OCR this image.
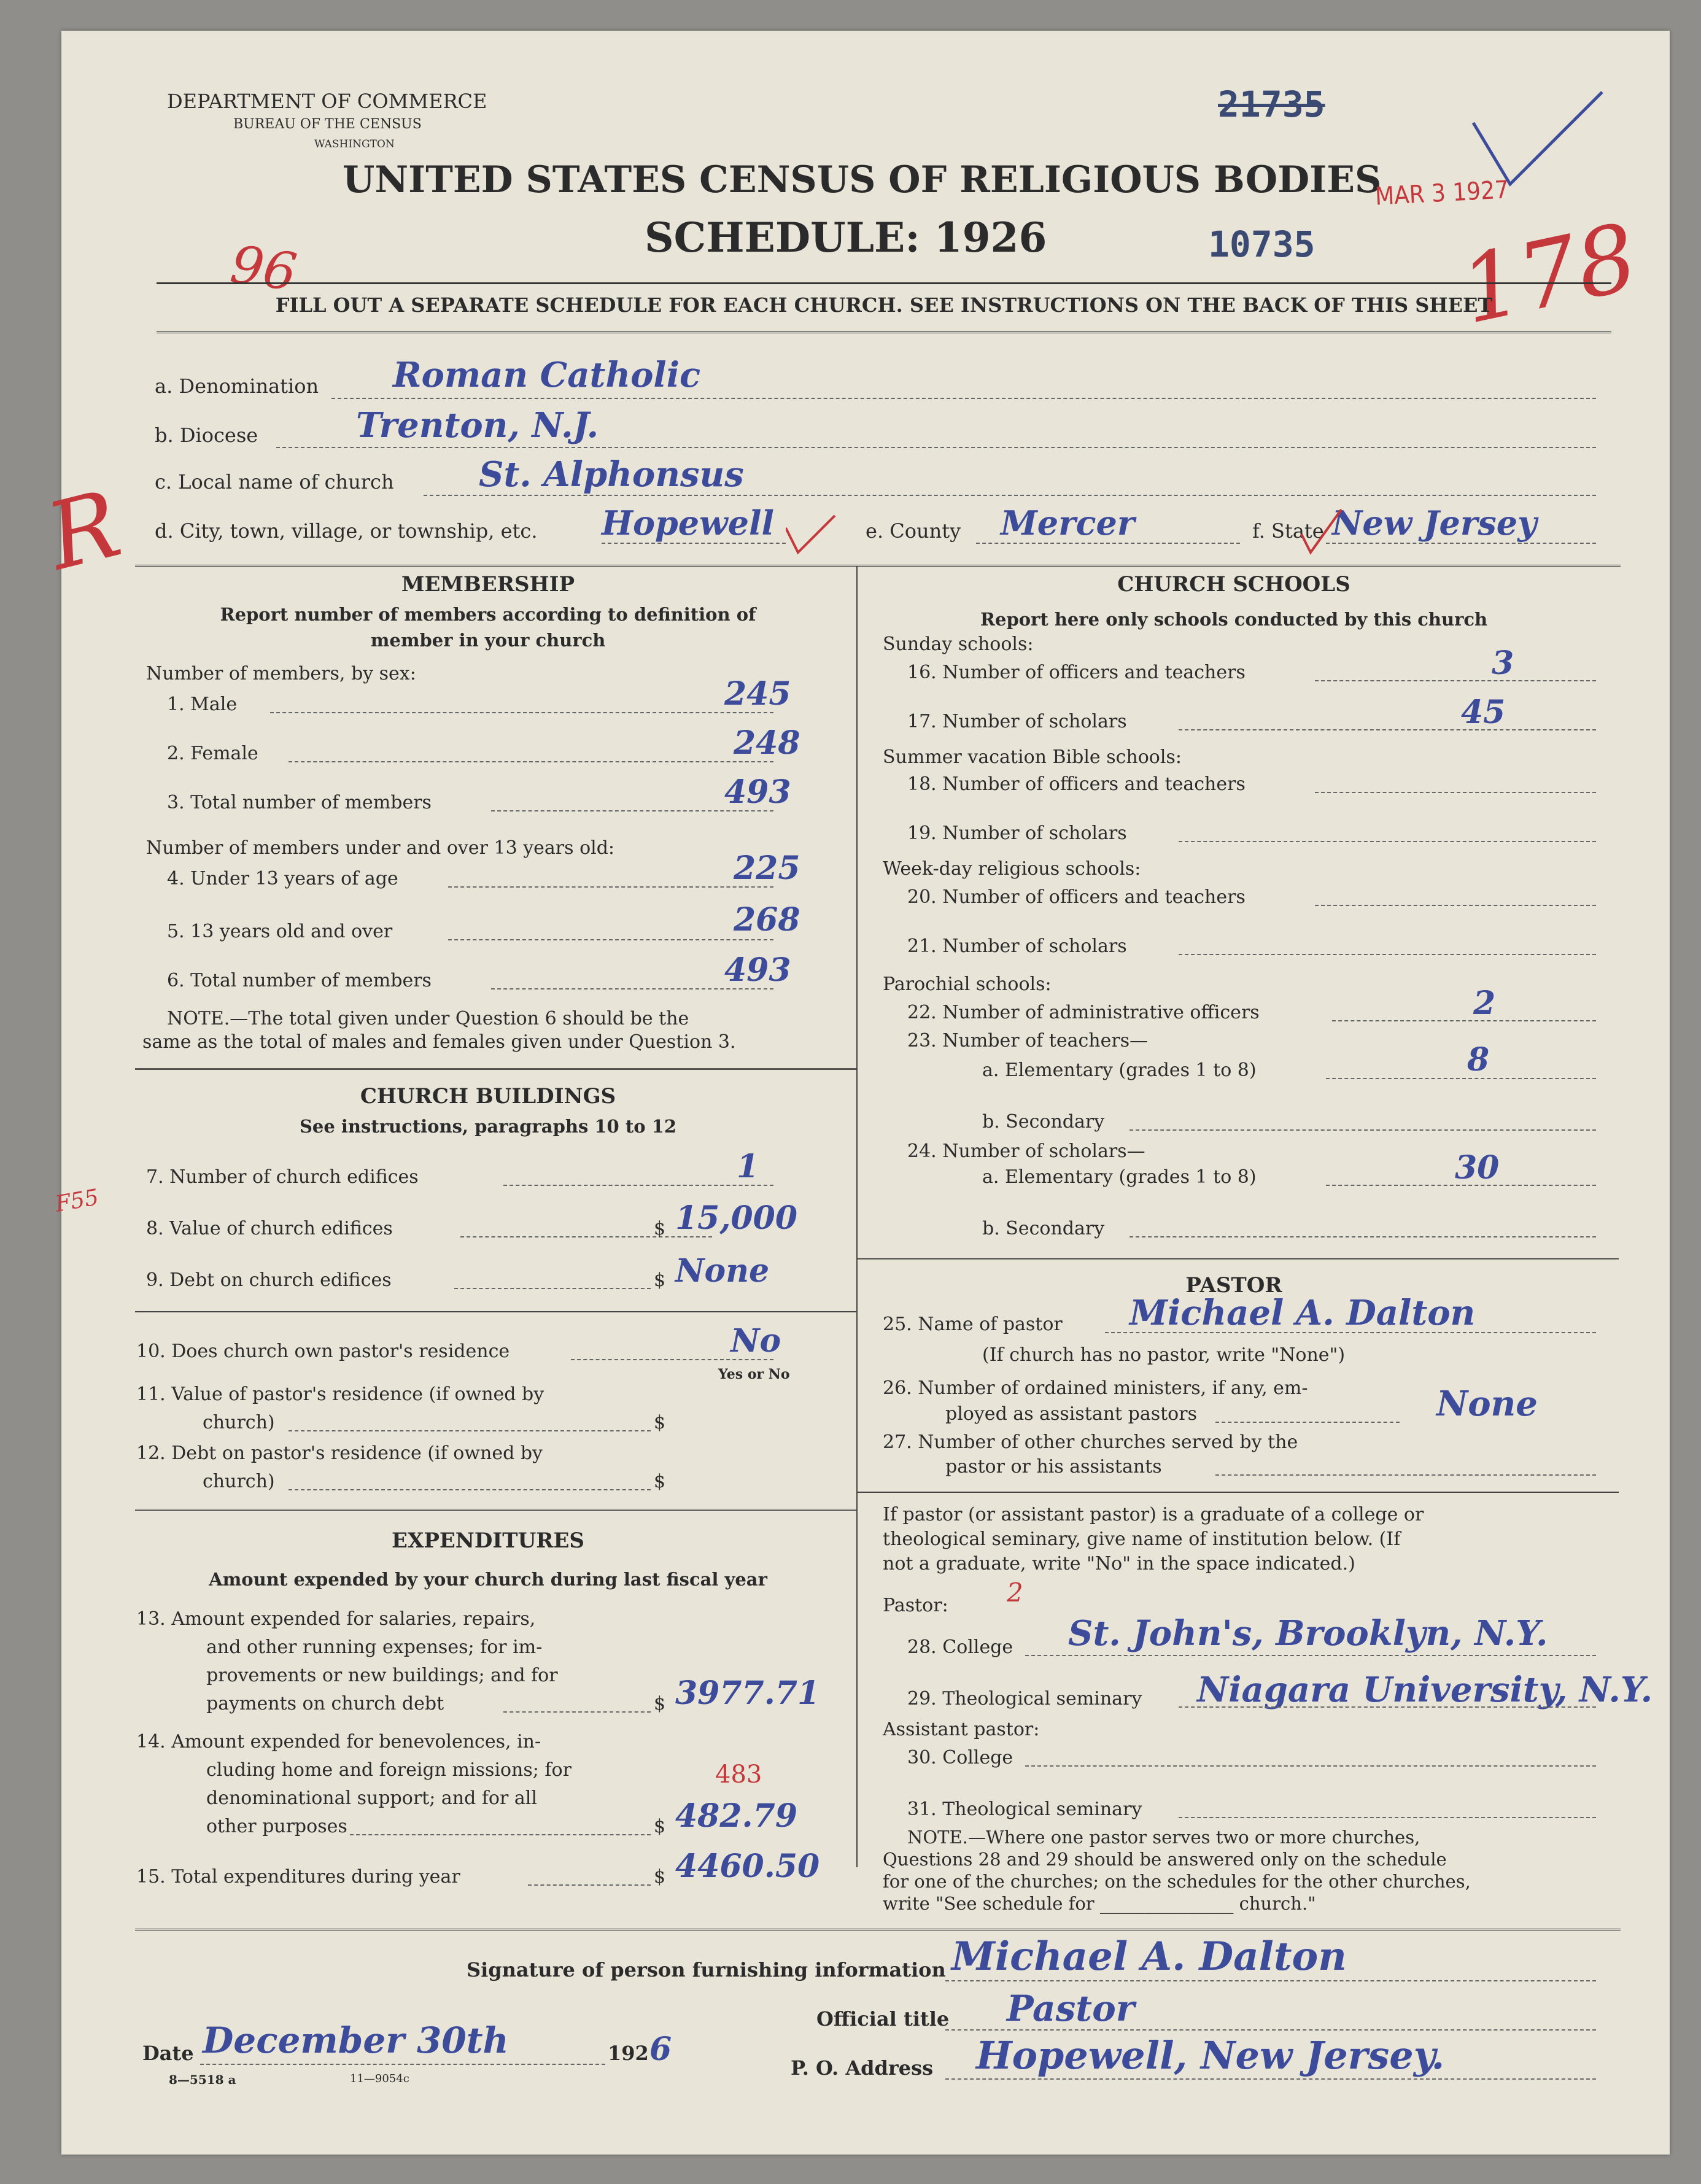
DEPARTMENT OF COMMERCE
BUREAU OF THE CENSUS
WASHINGTON
UNITED STATES CENSUS OF RELIGIOUS BODIES
SCHEDULE: 1926
21735
10735
MAR 3 1927
96	178
FILL OUT A SEPARATE SCHEDULE FOR EACH CHURCH. SEE INSTRUCTIONS ON THE BACK OF THIS SHEET
a. Denomination Roman Catholic
b. Diocese	Trenton, N.J.
c. Local name of church St. Alphonsus
R d. City, town, village, or township, etc. Hopewell	e. County Mercer	f. State New Jersey
MEMBERSHIP
Report number of members according to definition of
member in your church
Number of members, by sex:
1. Male	245
2. Female	248
3. Total number of members	493
Number of members under and over 13 years old:
4. Under 13 years of age	225
5. 13 years old and over	268
6. Total number of members	493
NOTE.—The total given under Question 6 should be the
same as the total of males and females given under Question 3.
CHURCH BUILDINGS
See instructions, paragraphs 10 to 12
F55
7. Number of church edifices	1
8. Value of church edifices	$ 15,000
9. Debt on church edifices	$ None
10. Does church own pastor's residence	No
Yes or No
11. Value of pastor's residence (if owned by
church)	$
12. Debt on pastor's residence (if owned by
church)	$
EXPENDITURES
Amount expended by your church during last fiscal year
13. Amount expended for salaries, repairs,
and other running expenses; for im-
provements or new buildings; and for
payments on church debt	$ 3977.71
14. Amount expended for benevolences, in-
cluding home and foreign missions; for
denominational support; and for all
other purposes
483
$ 482.79
15. Total expenditures during year	$ 4460.50
CHURCH SCHOOLS
Report here only schools conducted by this church
Sunday schools:
16. Number of officers and teachers	3
17. Number of scholars	45
Summer vacation Bible schools:
18. Number of officers and teachers
19. Number of scholars
Week-day religious schools:
20. Number of officers and teachers
21. Number of scholars
Parochial schools:
22. Number of administrative officers	2
23. Number of teachers—
a. Elementary (grades 1 to 8)	8
b. Secondary
24. Number of scholars—
a. Elementary (grades 1 to 8)	30
b. Secondary
PASTOR
25. Name of pastor Michael A. Dalton
(If church has no pastor, write "None")
26. Number of ordained ministers, if any, em-
ployed as assistant pastors	None
27. Number of other churches served by the
pastor or his assistants
If pastor (or assistant pastor) is a graduate of a college or
theological seminary, give name of institution below. (If
not a graduate, write "No" in the space indicated.)
Pastor: 2
28. College St. John's, Brooklyn, N.Y.
29. Theological seminary Niagara University, N.Y.
Assistant pastor:
30. College
31. Theological seminary
NOTE.—Where one pastor serves two or more churches,
Questions 28 and 29 should be answered only on the schedule
for one of the churches; on the schedules for the other churches,
write "See schedule for _______________ church."
Signature of person furnishing information Michael A. Dalton
Official title Pastor
Date December 30th	192 6	P. O. Address Hopewell, New Jersey.
8—5518 a	11—9054c
